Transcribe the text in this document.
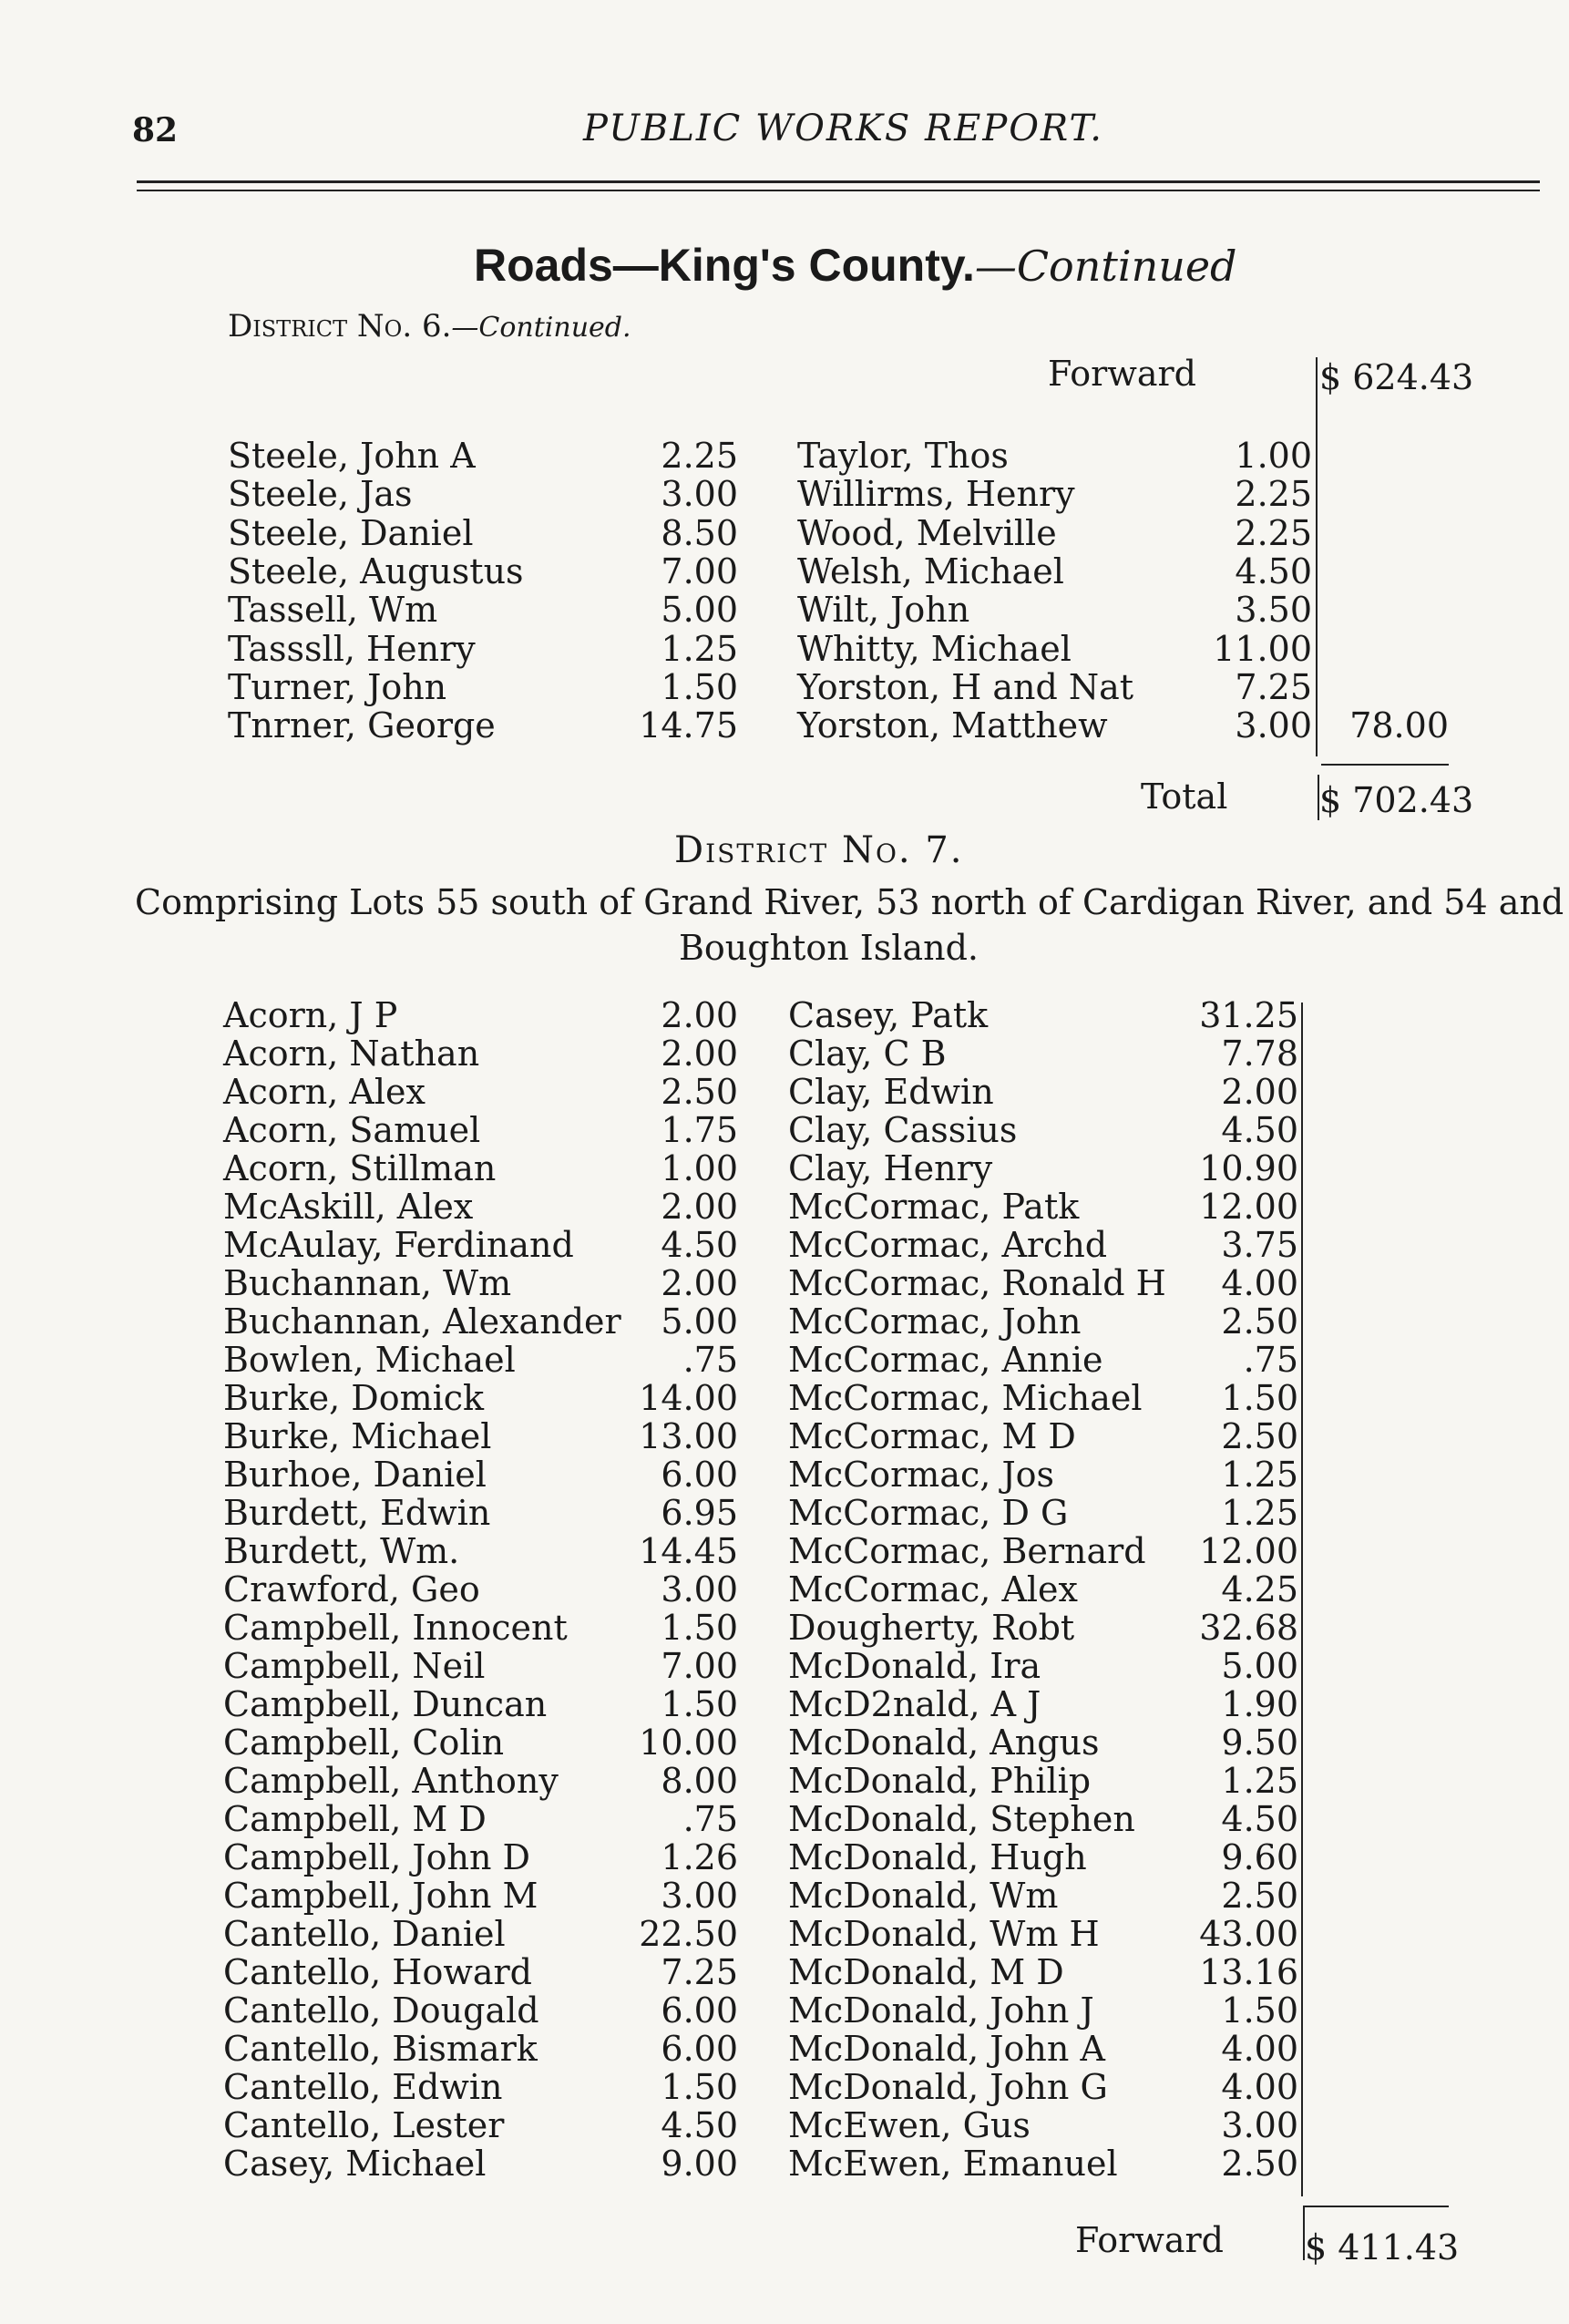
82	PUBLIC WORKS REPORT.
Roads—King's County.—Continued
District No. 6.—Continued.
Forward	$ 624.43
Steele, John A	2.25
Steele, Jas	3.00
Steele, Daniel	8.50
Steele, Augustus	7.00
Tassell, Wm	5.00
Tasssll, Henry	1.25
Turner, John	1.50
Tnrner, George	14.75
Taylor, Thos	1.00
Willirms, Henry	2.25
Wood, Melville	2.25
Welsh, Michael	4.50
Wilt, John	3.50
Whitty, Michael	11.00
Yorston, H and Nat	7.25
Yorston, Matthew	3.00	78.00
Total	$ 702.43
District No. 7.
Comprising Lots 55 south of Grand River, 53 north of Cardigan River, and 54 and
Boughton Island.
Acorn, J P	2.00
Acorn, Nathan	2.00
Acorn, Alex	2.50
Acorn, Samuel	1.75
Acorn, Stillman	1.00
McAskill, Alex	2.00
McAulay, Ferdinand	4.50
Buchannan, Wm	2.00
Buchannan, Alexander	5.00
Bowlen, Michael	.75
Burke, Domick	14.00
Burke, Michael	13.00
Burhoe, Daniel	6.00
Burdett, Edwin	6.95
Burdett, Wm.	14.45
Crawford, Geo	3.00
Campbell, Innocent	1.50
Campbell, Neil	7.00
Campbell, Duncan	1.50
Campbell, Colin	10.00
Campbell, Anthony	8.00
Campbell, M D	.75
Campbell, John D	1.26
Campbell, John M	3.00
Cantello, Daniel	22.50
Cantello, Howard	7.25
Cantello, Dougald	6.00
Cantello, Bismark	6.00
Cantello, Edwin	1.50
Cantello, Lester	4.50
Casey, Michael	9.00
Casey, Patk	31.25
Clay, C B	7.78
Clay, Edwin	2.00
Clay, Cassius	4.50
Clay, Henry	10.90
McCormac, Patk	12.00
McCormac, Archd	3.75
McCormac, Ronald H	4.00
McCormac, John	2.50
McCormac, Annie	.75
McCormac, Michael	1.50
McCormac, M D	2.50
McCormac, Jos	1.25
McCormac, D G	1.25
McCormac, Bernard	12.00
McCormac, Alex	4.25
Dougherty, Robt	32.68
McDonald, Ira	5.00
McD2nald, A J	1.90
McDonald, Angus	9.50
McDonald, Philip	1.25
McDonald, Stephen	4.50
McDonald, Hugh	9.60
McDonald, Wm	2.50
McDonald, Wm H	43.00
McDonald, M D	13.16
McDonald, John J	1.50
McDonald, John A	4.00
McDonald, John G	4.00
McEwen, Gus	3.00
McEwen, Emanuel	2.50
Forward $ 411.43
